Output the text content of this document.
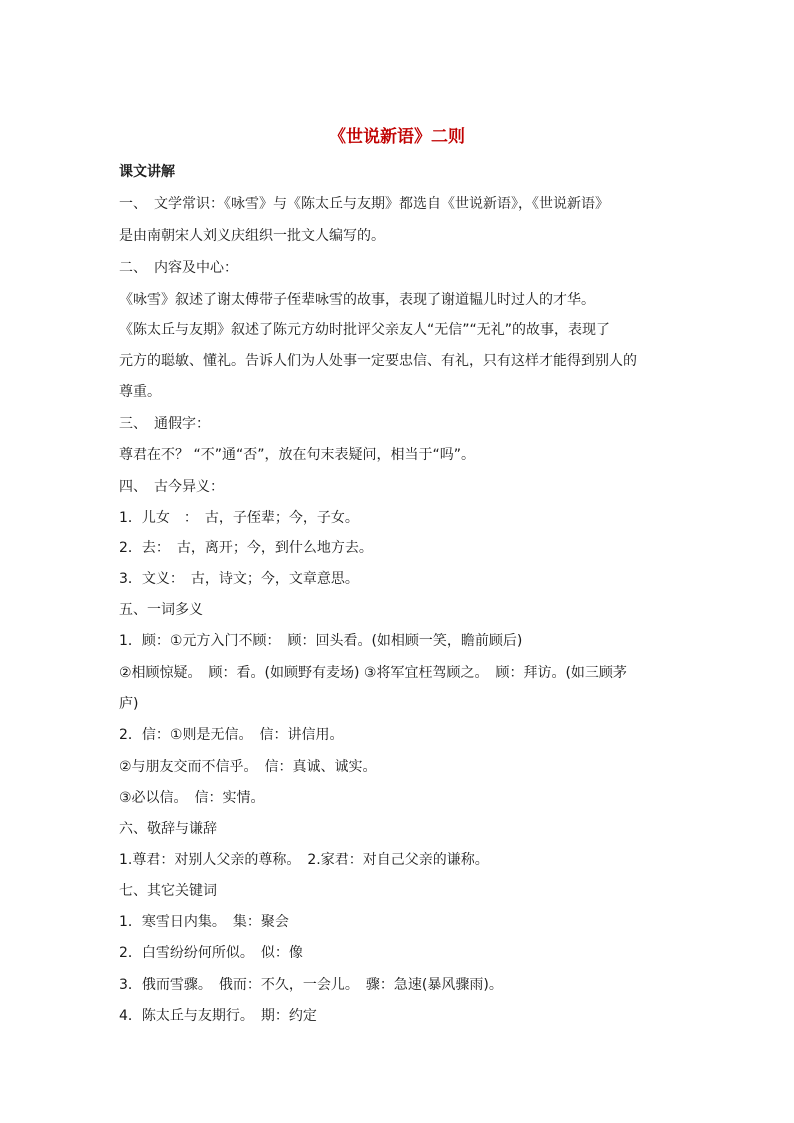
《世说新语》二则
课文讲解
一、　文学常识：《咏雪》与《陈太丘与友期》都选自《世说新语》，《世说新语》
是由南朝宋人刘义庆组织一批文人编写的。
二、　内容及中心：
《咏雪》叙述了谢太傅带子侄辈咏雪的故事，表现了谢道韫儿时过人的才华。
《陈太丘与友期》叙述了陈元方幼时批评父亲友人“无信”“无礼”的故事，表现了
元方的聪敏、懂礼。告诉人们为人处事一定要忠信、有礼，只有这样才能得到别人的
尊重。
三、　通假字：
尊君在不？ “不”通“否”，放在句末表疑问，相当于“吗”。
四、　古今异义：
1．儿女　：　古，子侄辈；今，子女。
2．去：　古，离开；今，到什么地方去。
3．文义：　古，诗文；今，文章意思。
五、一词多义
1．顾：①元方入门不顾：　顾：回头看。(如相顾一笑，瞻前顾后)
②相顾惊疑。　顾：看。(如顾野有麦场) ③将军宜枉驾顾之。　顾：拜访。(如三顾茅
庐)
2．信：①则是无信。　信：讲信用。
②与朋友交而不信乎。　信：真诚、诚实。
③必以信。　信：实情。
六、敬辞与谦辞
1.尊君：对别人父亲的尊称。　2.家君：对自己父亲的谦称。
七、其它关键词
1．寒雪日内集。　集：聚会
2．白雪纷纷何所似。　似：像
3．俄而雪骤。　俄而：不久，一会儿。　骤：急速(暴风骤雨)。
4．陈太丘与友期行。　期：约定
